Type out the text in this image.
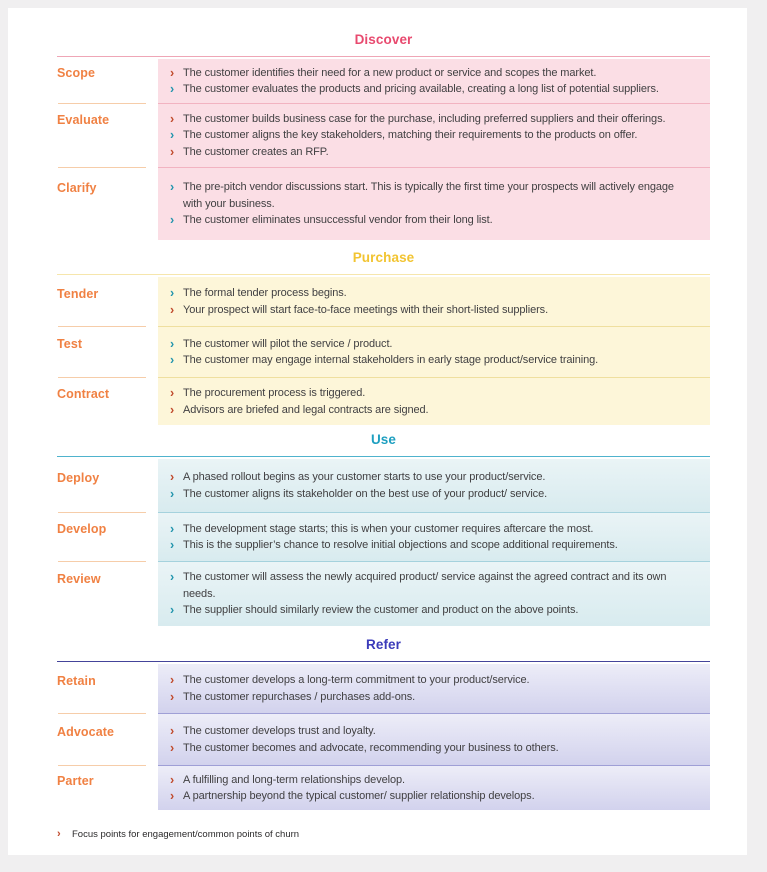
Discover
Scope ›	The customer identifies their need for a new product or service and scopes the market.
›
The customer evaluates the products and pricing available, creating a long list of potential suppliers.
Evaluate ›	The customer builds business case for the purchase, including preferred suppliers and their offerings.
›
The customer aligns the key stakeholders, matching their requirements to the products on offer.
›
The customer creates an RFP.
Clarify ›	The pre-pitch vendor discussions start. This is typically the first time your prospects will actively engage with your business.
›
The customer eliminates unsuccessful vendor from their long list.
Purchase
Tender ›	The formal tender process begins.
›
Your prospect will start face-to-face meetings with their short-listed suppliers.
Test ›	The customer will pilot the service / product.
›
The customer may engage internal stakeholders in early stage product/service training.
Contract ›	The procurement process is triggered.
›
Advisors are briefed and legal contracts are signed.
Use
Deploy ›	A phased rollout begins as your customer starts to use your product/service.
›
The customer aligns its stakeholder on the best use of your product/ service.
Develop ›	The development stage starts; this is when your customer requires aftercare the most.
›
This is the supplier’s chance to resolve initial objections and scope additional requirements.
Review ›	The customer will assess the newly acquired product/ service against the agreed contract and its own needs.
›
The supplier should similarly review the customer and product on the above points.
Refer
Retain ›	The customer develops a long-term commitment to your product/service.
›
The customer repurchases / purchases add-ons.
Advocate ›	The customer develops trust and loyalty.
›
The customer becomes and advocate, recommending your business to others.
Parter ›	A fulfilling and long-term relationships develop.
›
A partnership beyond the typical customer/ supplier relationship develops.
›
Focus points for engagement/common points of churn
